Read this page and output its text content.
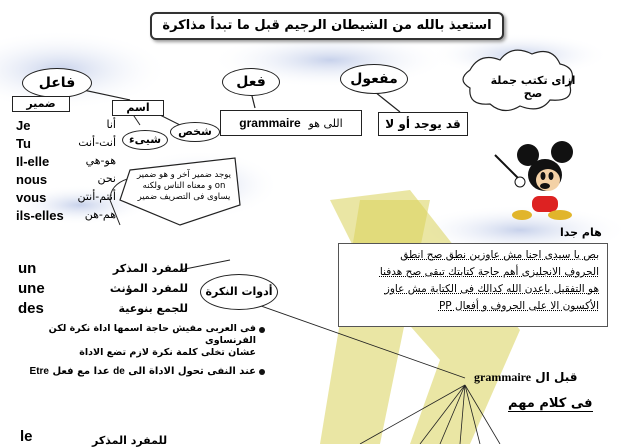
استعيذ بالله من الشيطان الرجيم قبل ما تبدأ مذاكرة
ازاى تكتب جملة صح
فاعل	فعل	مفعول
grammaire اللى هو	قد يوجد أو لا
ضمير	اسم
شخص
شيىء
Je	أنا
Tu	أنت-أنت
Il-elle	هو-هي
nous	نحن
vous	أنتم-أنتن
ils-elles هم-هن
يوجد ضمير آخر و هو ضمير on و معناه الناس ولكنه يساوى فى التصريف ضمير
هام جدا
بص يا سيدى احنا مش عاوزين نطق صح انطق
الحروف الانجليزى أهم حاجة كتابتك تبقى صح هدفنا
هو التفقيل باعدن الله كدالك فى الكتابة مش عاوز
الأكسون الا على الحروف و أفعال PP
un	للمفرد المذكر
une	للمفرد المؤنث
des	للجمع بنوعية
أدوات النكرة
فى العربى مفيش حاجة اسمها اداة نكرة لكن الفرنساوى
عشان تخلى كلمة نكرة لازم تضع الاداة
عند النفى تحول الاداة الى de عدا مع فعل Etre	قبل ال grammaire
فى كلام مهم
le	للمفرد المذكر
